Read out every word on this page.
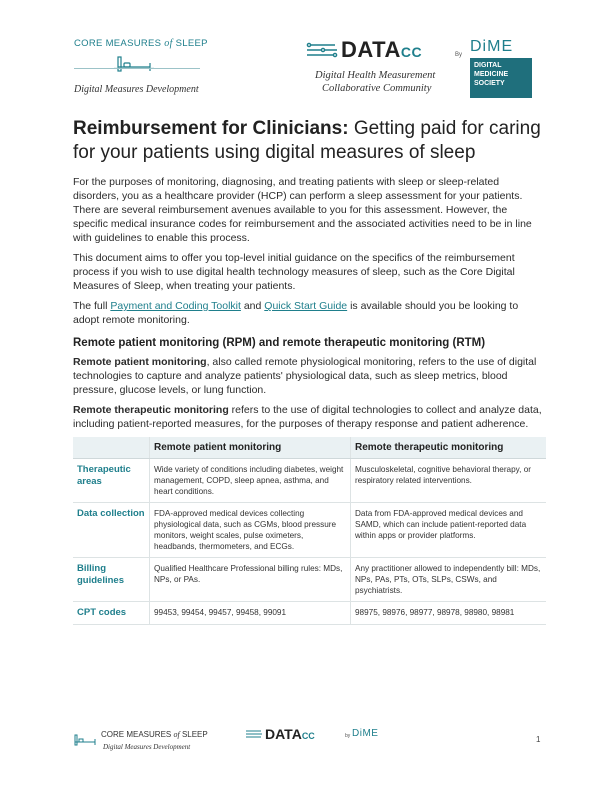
CORE MEASURES of SLEEP
Digital Measures Development
DATACC
Digital Health Measurement
Collaborative Community
By DiME
DIGITAL
MEDICINE
SOCIETY
Reimbursement for Clinicians: Getting paid for caring for your patients using digital measures of sleep

For the purposes of monitoring, diagnosing, and treating patients with sleep or sleep-related disorders, you as a healthcare provider (HCP) can perform a sleep assessment for your patients. There are several reimbursement avenues available to you for this assessment. However, the specific medical insurance codes for reimbursement and the associated activities need to be in line with guidelines to enable this process.

This document aims to offer you top-level initial guidance on the specifics of the reimbursement process if you wish to use digital health technology measures of sleep, such as the Core Digital Measures of Sleep, when treating your patients.

The full Payment and Coding Toolkit and Quick Start Guide is available should you be looking to adopt remote monitoring.

Remote patient monitoring (RPM) and remote therapeutic monitoring (RTM)

Remote patient monitoring, also called remote physiological monitoring, refers to the use of digital technologies to capture and analyze patients' physiological data, such as sleep metrics, blood pressure, glucose levels, or lung function.

Remote therapeutic monitoring refers to the use of digital technologies to collect and analyze data, including patient-reported measures, for the purposes of therapy response and patient adherence.

	Remote patient monitoring	Remote therapeutic monitoring
Therapeutic areas	Wide variety of conditions including diabetes, weight management, COPD, sleep apnea, asthma, and heart conditions.	Musculoskeletal, cognitive behavioral therapy, or respiratory related interventions.
Data collection	FDA-approved medical devices collecting physiological data, such as CGMs, blood pressure monitors, weight scales, pulse oximeters, headbands, thermometers, and ECGs.	Data from FDA-approved medical devices and SAMD, which can include patient-reported data within apps or provider platforms.
Billing guidelines	Qualified Healthcare Professional billing rules: MDs, NPs, or PAs.	Any practitioner allowed to independently bill: MDs, NPs, PAs, PTs, OTs, SLPs, CSWs, and psychiatrists.
CPT codes	99453, 99454, 99457, 99458, 99091	98975, 98976, 98977, 98978, 98980, 98981
CORE MEASURES of SLEEP
Digital Measures Development
DATACC	by DiME
1
